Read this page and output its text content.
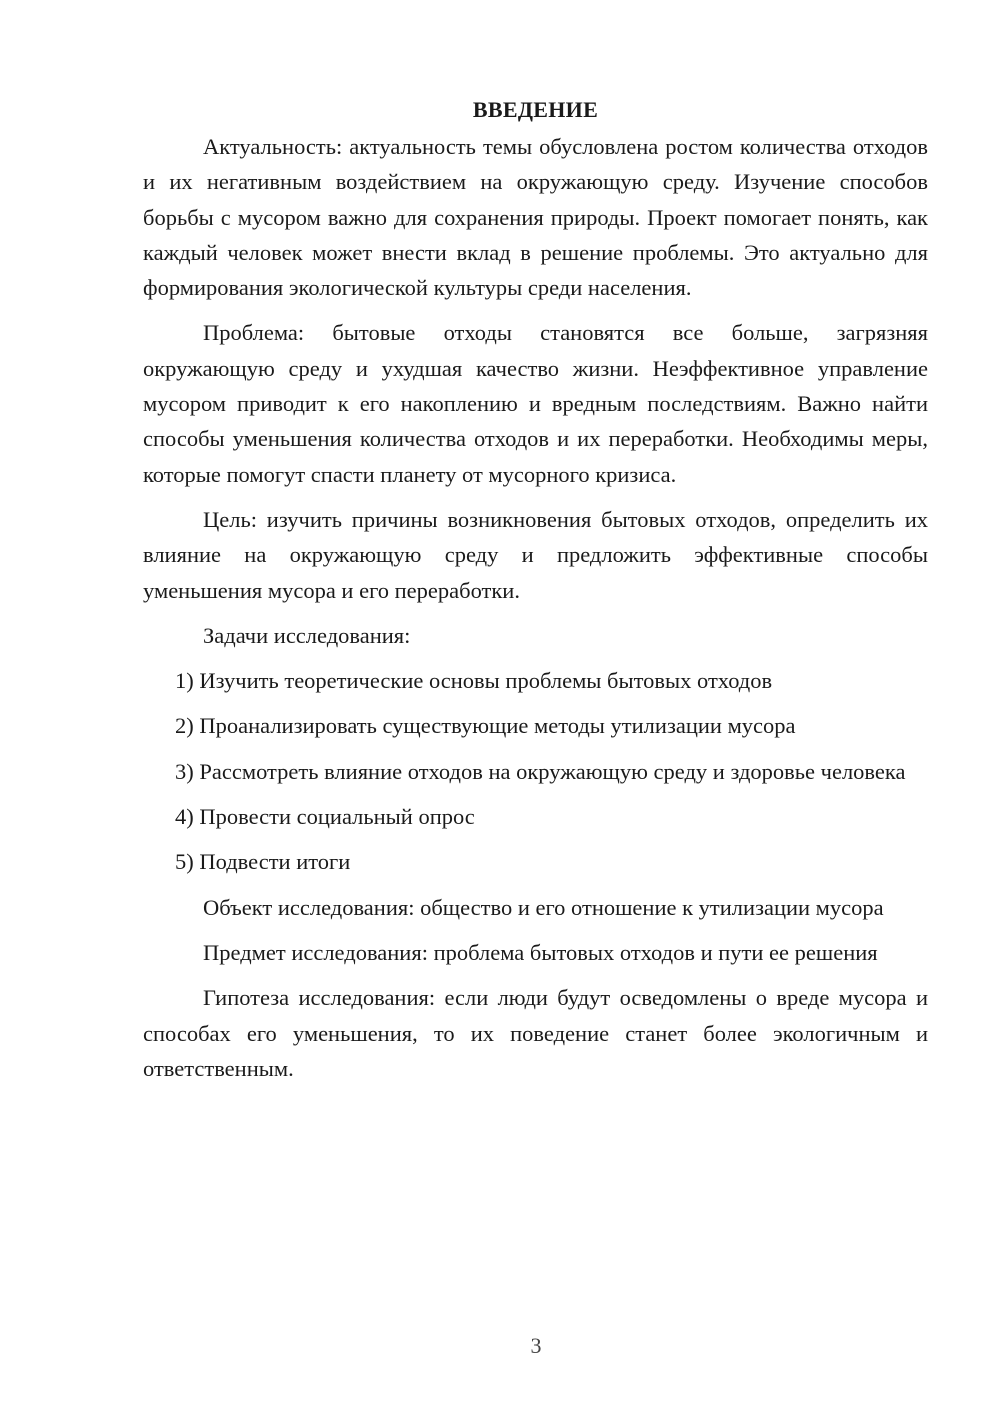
ВВЕДЕНИЕ

Актуальность: актуальность темы обусловлена ростом количества отходов и их негативным воздействием на окружающую среду. Изучение способов борьбы с мусором важно для сохранения природы. Проект помогает понять, как каждый человек может внести вклад в решение проблемы. Это актуально для формирования экологической культуры среди населения.

Проблема: бытовые отходы становятся все больше, загрязняя окружающую среду и ухудшая качество жизни. Неэффективное управление мусором приводит к его накоплению и вредным последствиям. Важно найти способы уменьшения количества отходов и их переработки. Необходимы меры, которые помогут спасти планету от мусорного кризиса.

Цель: изучить причины возникновения бытовых отходов, определить их влияние на окружающую среду и предложить эффективные способы уменьшения мусора и его переработки.

Задачи исследования:

1) Изучить теоретические основы проблемы бытовых отходов

2) Проанализировать существующие методы утилизации мусора

3) Рассмотреть влияние отходов на окружающую среду и здоровье человека

4) Провести социальный опрос

5) Подвести итоги

Объект исследования: общество и его отношение к утилизации мусора

Предмет исследования: проблема бытовых отходов и пути ее решения

Гипотеза исследования: если люди будут осведомлены о вреде мусора и способах его уменьшения, то их поведение станет более экологичным и ответственным.

3
